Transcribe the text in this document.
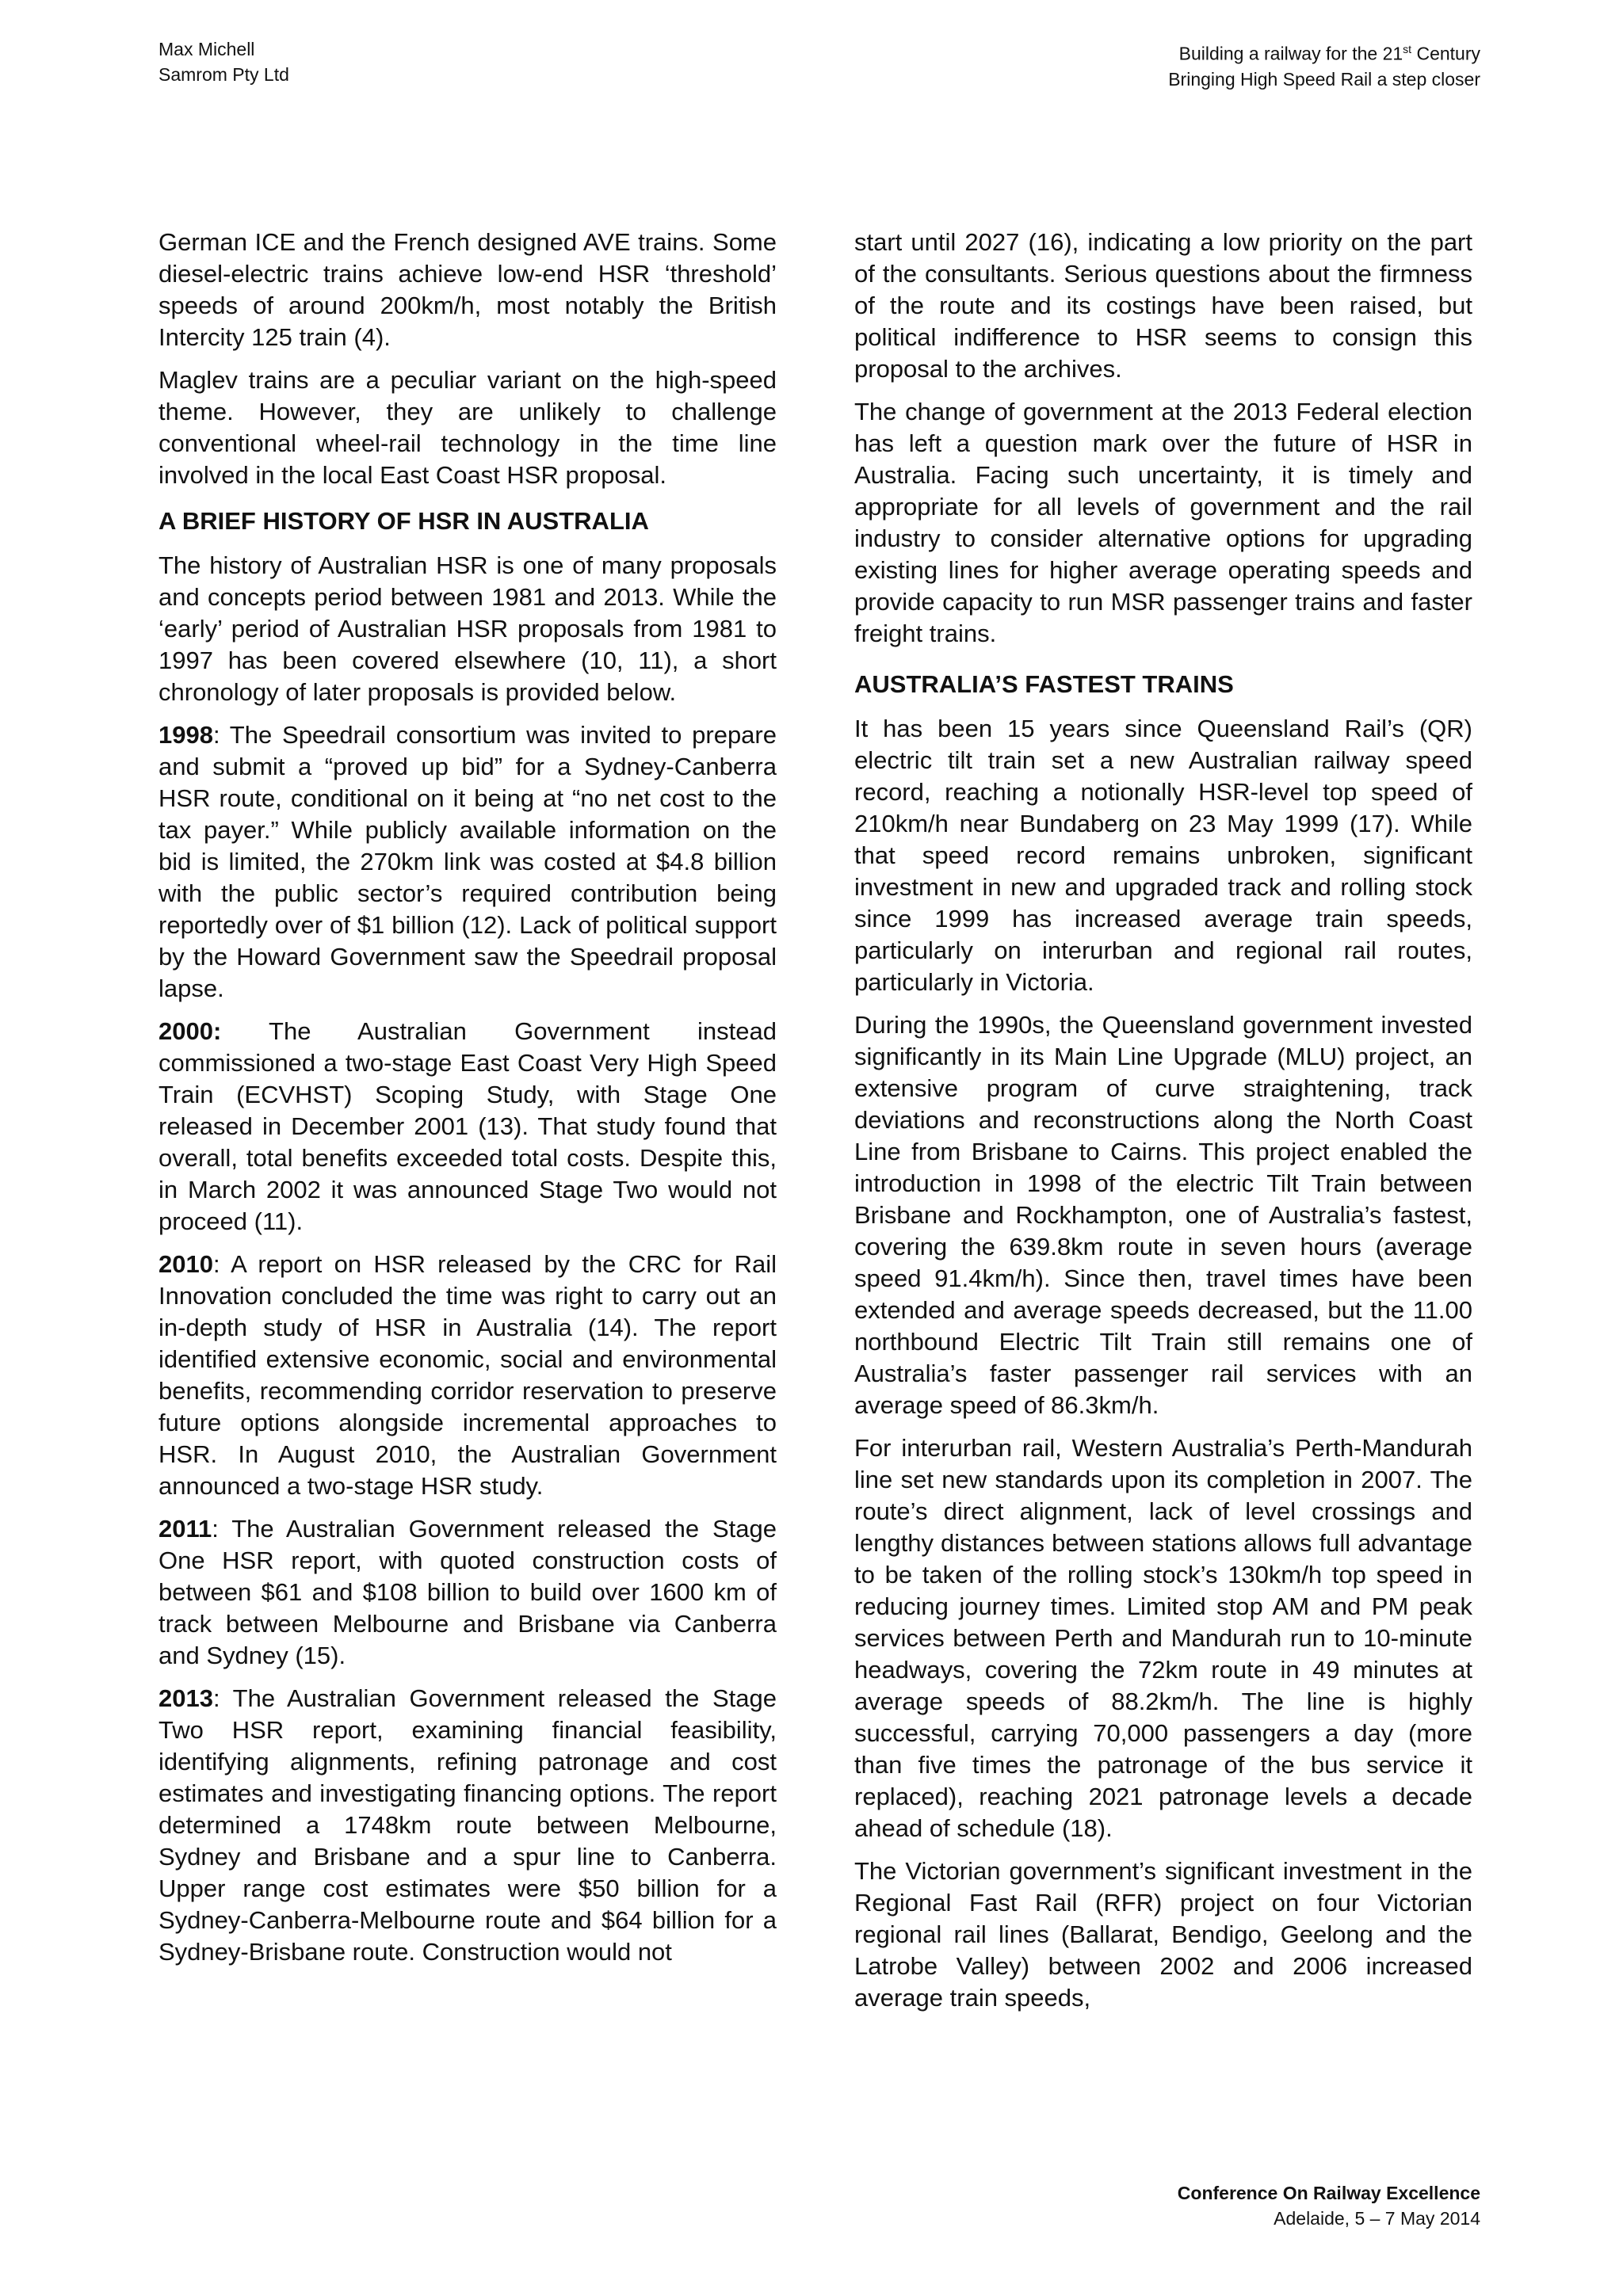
Max Michell
Samrom Pty Ltd
Building a railway for the 21st Century
Bringing High Speed Rail a step closer

German ICE and the French designed AVE trains. Some diesel-electric trains achieve low-end HSR ‘threshold’ speeds of around 200km/h, most notably the British Intercity 125 train (4).

Maglev trains are a peculiar variant on the high-speed theme. However, they are unlikely to challenge conventional wheel-rail technology in the time line involved in the local East Coast HSR proposal.

A BRIEF HISTORY OF HSR IN AUSTRALIA

The history of Australian HSR is one of many proposals and concepts period between 1981 and 2013. While the ‘early’ period of Australian HSR proposals from 1981 to 1997 has been covered elsewhere (10, 11), a short chronology of later proposals is provided below.

1998: The Speedrail consortium was invited to prepare and submit a “proved up bid” for a Sydney-Canberra HSR route, conditional on it being at “no net cost to the tax payer.” While publicly available information on the bid is limited, the 270km link was costed at $4.8 billion with the public sector’s required contribution being reportedly over of $1 billion (12). Lack of political support by the Howard Government saw the Speedrail proposal lapse.

2000: The Australian Government instead commissioned a two-stage East Coast Very High Speed Train (ECVHST) Scoping Study, with Stage One released in December 2001 (13). That study found that overall, total benefits exceeded total costs. Despite this, in March 2002 it was announced Stage Two would not proceed (11).

2010: A report on HSR released by the CRC for Rail Innovation concluded the time was right to carry out an in-depth study of HSR in Australia (14). The report identified extensive economic, social and environmental benefits, recommending corridor reservation to preserve future options alongside incremental approaches to HSR. In August 2010, the Australian Government announced a two-stage HSR study.

2011: The Australian Government released the Stage One HSR report, with quoted construction costs of between $61 and $108 billion to build over 1600 km of track between Melbourne and Brisbane via Canberra and Sydney (15).

2013: The Australian Government released the Stage Two HSR report, examining financial feasibility, identifying alignments, refining patronage and cost estimates and investigating financing options. The report determined a 1748km route between Melbourne, Sydney and Brisbane and a spur line to Canberra. Upper range cost estimates were $50 billion for a Sydney-Canberra-Melbourne route and $64 billion for a Sydney-Brisbane route. Construction would not

start until 2027 (16), indicating a low priority on the part of the consultants. Serious questions about the firmness of the route and its costings have been raised, but political indifference to HSR seems to consign this proposal to the archives.

The change of government at the 2013 Federal election has left a question mark over the future of HSR in Australia. Facing such uncertainty, it is timely and appropriate for all levels of government and the rail industry to consider alternative options for upgrading existing lines for higher average operating speeds and provide capacity to run MSR passenger trains and faster freight trains.

AUSTRALIA’S FASTEST TRAINS

It has been 15 years since Queensland Rail’s (QR) electric tilt train set a new Australian railway speed record, reaching a notionally HSR-level top speed of 210km/h near Bundaberg on 23 May 1999 (17). While that speed record remains unbroken, significant investment in new and upgraded track and rolling stock since 1999 has increased average train speeds, particularly on interurban and regional rail routes, particularly in Victoria.

During the 1990s, the Queensland government invested significantly in its Main Line Upgrade (MLU) project, an extensive program of curve straightening, track deviations and reconstructions along the North Coast Line from Brisbane to Cairns. This project enabled the introduction in 1998 of the electric Tilt Train between Brisbane and Rockhampton, one of Australia’s fastest, covering the 639.8km route in seven hours (average speed 91.4km/h). Since then, travel times have been extended and average speeds decreased, but the 11.00 northbound Electric Tilt Train still remains one of Australia’s faster passenger rail services with an average speed of 86.3km/h.

For interurban rail, Western Australia’s Perth-Mandurah line set new standards upon its completion in 2007. The route’s direct alignment, lack of level crossings and lengthy distances between stations allows full advantage to be taken of the rolling stock’s 130km/h top speed in reducing journey times. Limited stop AM and PM peak services between Perth and Mandurah run to 10-minute headways, covering the 72km route in 49 minutes at average speeds of 88.2km/h. The line is highly successful, carrying 70,000 passengers a day (more than five times the patronage of the bus service it replaced), reaching 2021 patronage levels a decade ahead of schedule (18).

The Victorian government’s significant investment in the Regional Fast Rail (RFR) project on four Victorian regional rail lines (Ballarat, Bendigo, Geelong and the Latrobe Valley) between 2002 and 2006 increased average train speeds,

Conference On Railway Excellence
Adelaide, 5 – 7 May 2014
